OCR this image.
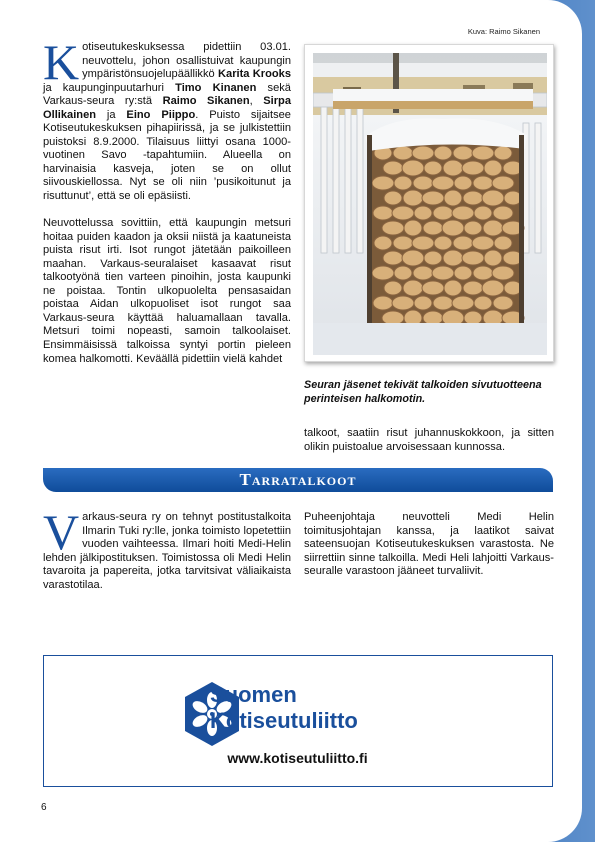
Kuva: Raimo Sikanen

Kotiseutukeskuksessa pidettiin 03.01. neuvottelu, johon osallistuivat kaupungin ympäristönsuojelupäällikkö Karita Krooks ja kaupunginpuutarhuri Timo Kinanen sekä Varkaus-seura ry:stä Raimo Sikanen, Sirpa Ollikainen ja Eino Piippo. Puisto sijaitsee Kotiseutukeskuksen pihapiirissä, ja se julkistettiin puistoksi 8.9.2000. Tilaisuus liittyi osana 1000-vuotinen Savo -tapahtumiin. Alueella on harvinaisia kasveja, joten se on ollut siivouskiellossa. Nyt se oli niin ’pusikoitunut ja risuttunut’, että se oli epäsiisti.

Neuvottelussa sovittiin, että kaupungin metsuri hoitaa puiden kaadon ja oksii niistä ja kaatuneista puista risut irti. Isot rungot jätetään paikoilleen maahan. Varkaus-seuralaiset kasaavat risut talkootyönä tien varteen pinoihin, josta kaupunki ne poistaa. Tontin ulkopuolelta pensasaidan poistaa Aidan ulkopuoliset isot rungot saa Varkaus-seura käyttää haluamallaan tavalla. Metsuri toimi nopeasti, samoin talkoolaiset. Ensimmäisissä talkoissa syntyi portin pieleen komea halkomotti. Keväällä pidettiin vielä kahdet

Seuran jäsenet tekivät talkoiden sivutuotteena perinteisen halkomotin.

talkoot, saatiin risut juhannuskokkoon, ja sitten olikin puistoalue arvoisessaan kunnossa.

Tarratalkoot

Varkaus-seura ry on tehnyt postitustalkoita Ilmarin Tuki ry:lle, jonka toimisto lopetettiin vuoden vaihteessa. Ilmari hoiti Medi-Helin lehden jälkipostituksen. Toimistossa oli Medi Helin tavaroita ja papereita, jotka tarvitsivat väliaikaista varastotilaa.

Puheenjohtaja neuvotteli Medi Helin toimitusjohtajan kanssa, ja laatikot saivat sateensuojan Kotiseutukeskuksen varastosta. Ne siirrettiin sinne talkoilla. Medi Heli lahjoitti Varkaus-seuralle varastoon jääneet turvaliivit.

Suomen
Kotiseutuliitto
www.kotiseutuliitto.fi
6
